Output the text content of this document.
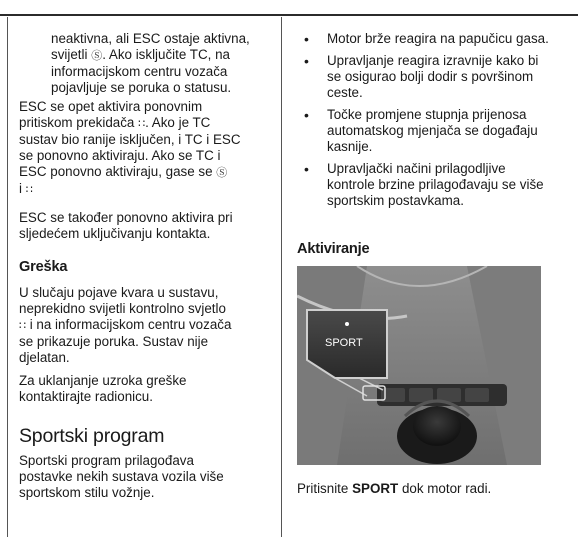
neaktivna, ali ESC ostaje aktivna,
svijetli Ⓢ. Ako isključite TC, na
informacijskom centru vozača
pojavljuje se poruka o statusu.
ESC se opet aktivira ponovnim
pritiskom prekidača ∷. Ako je TC
sustav bio ranije isključen, i TC i ESC
se ponovno aktiviraju. Ako se TC i
ESC ponovno aktiviraju, gase se Ⓢ
i ∷
ESC se također ponovno aktivira pri
sljedećem uključivanju kontakta.
Greška
U slučaju pojave kvara u sustavu,
neprekidno svijetli kontrolno svjetlo
∷ i na informacijskom centru vozača
se prikazuje poruka. Sustav nije
djelatan.
Za uklanjanje uzroka greške
kontaktirajte radionicu.
Sportski program
Sportski program prilagođava
postavke nekih sustava vozila više
sportskom stilu vožnje.
• Motor brže reagira na papučicu gasa.
• Upravljanje reagira izravnije kako bi se osigurao bolji dodir s površinom ceste.
• Točke promjene stupnja prijenosa automatskog mjenjača se događaju kasnije.
• Upravljački načini prilagodljive kontrole brzine prilagođavaju se više sportskim postavkama.
Aktiviranje
SPORT
Pritisnite SPORT dok motor radi.
